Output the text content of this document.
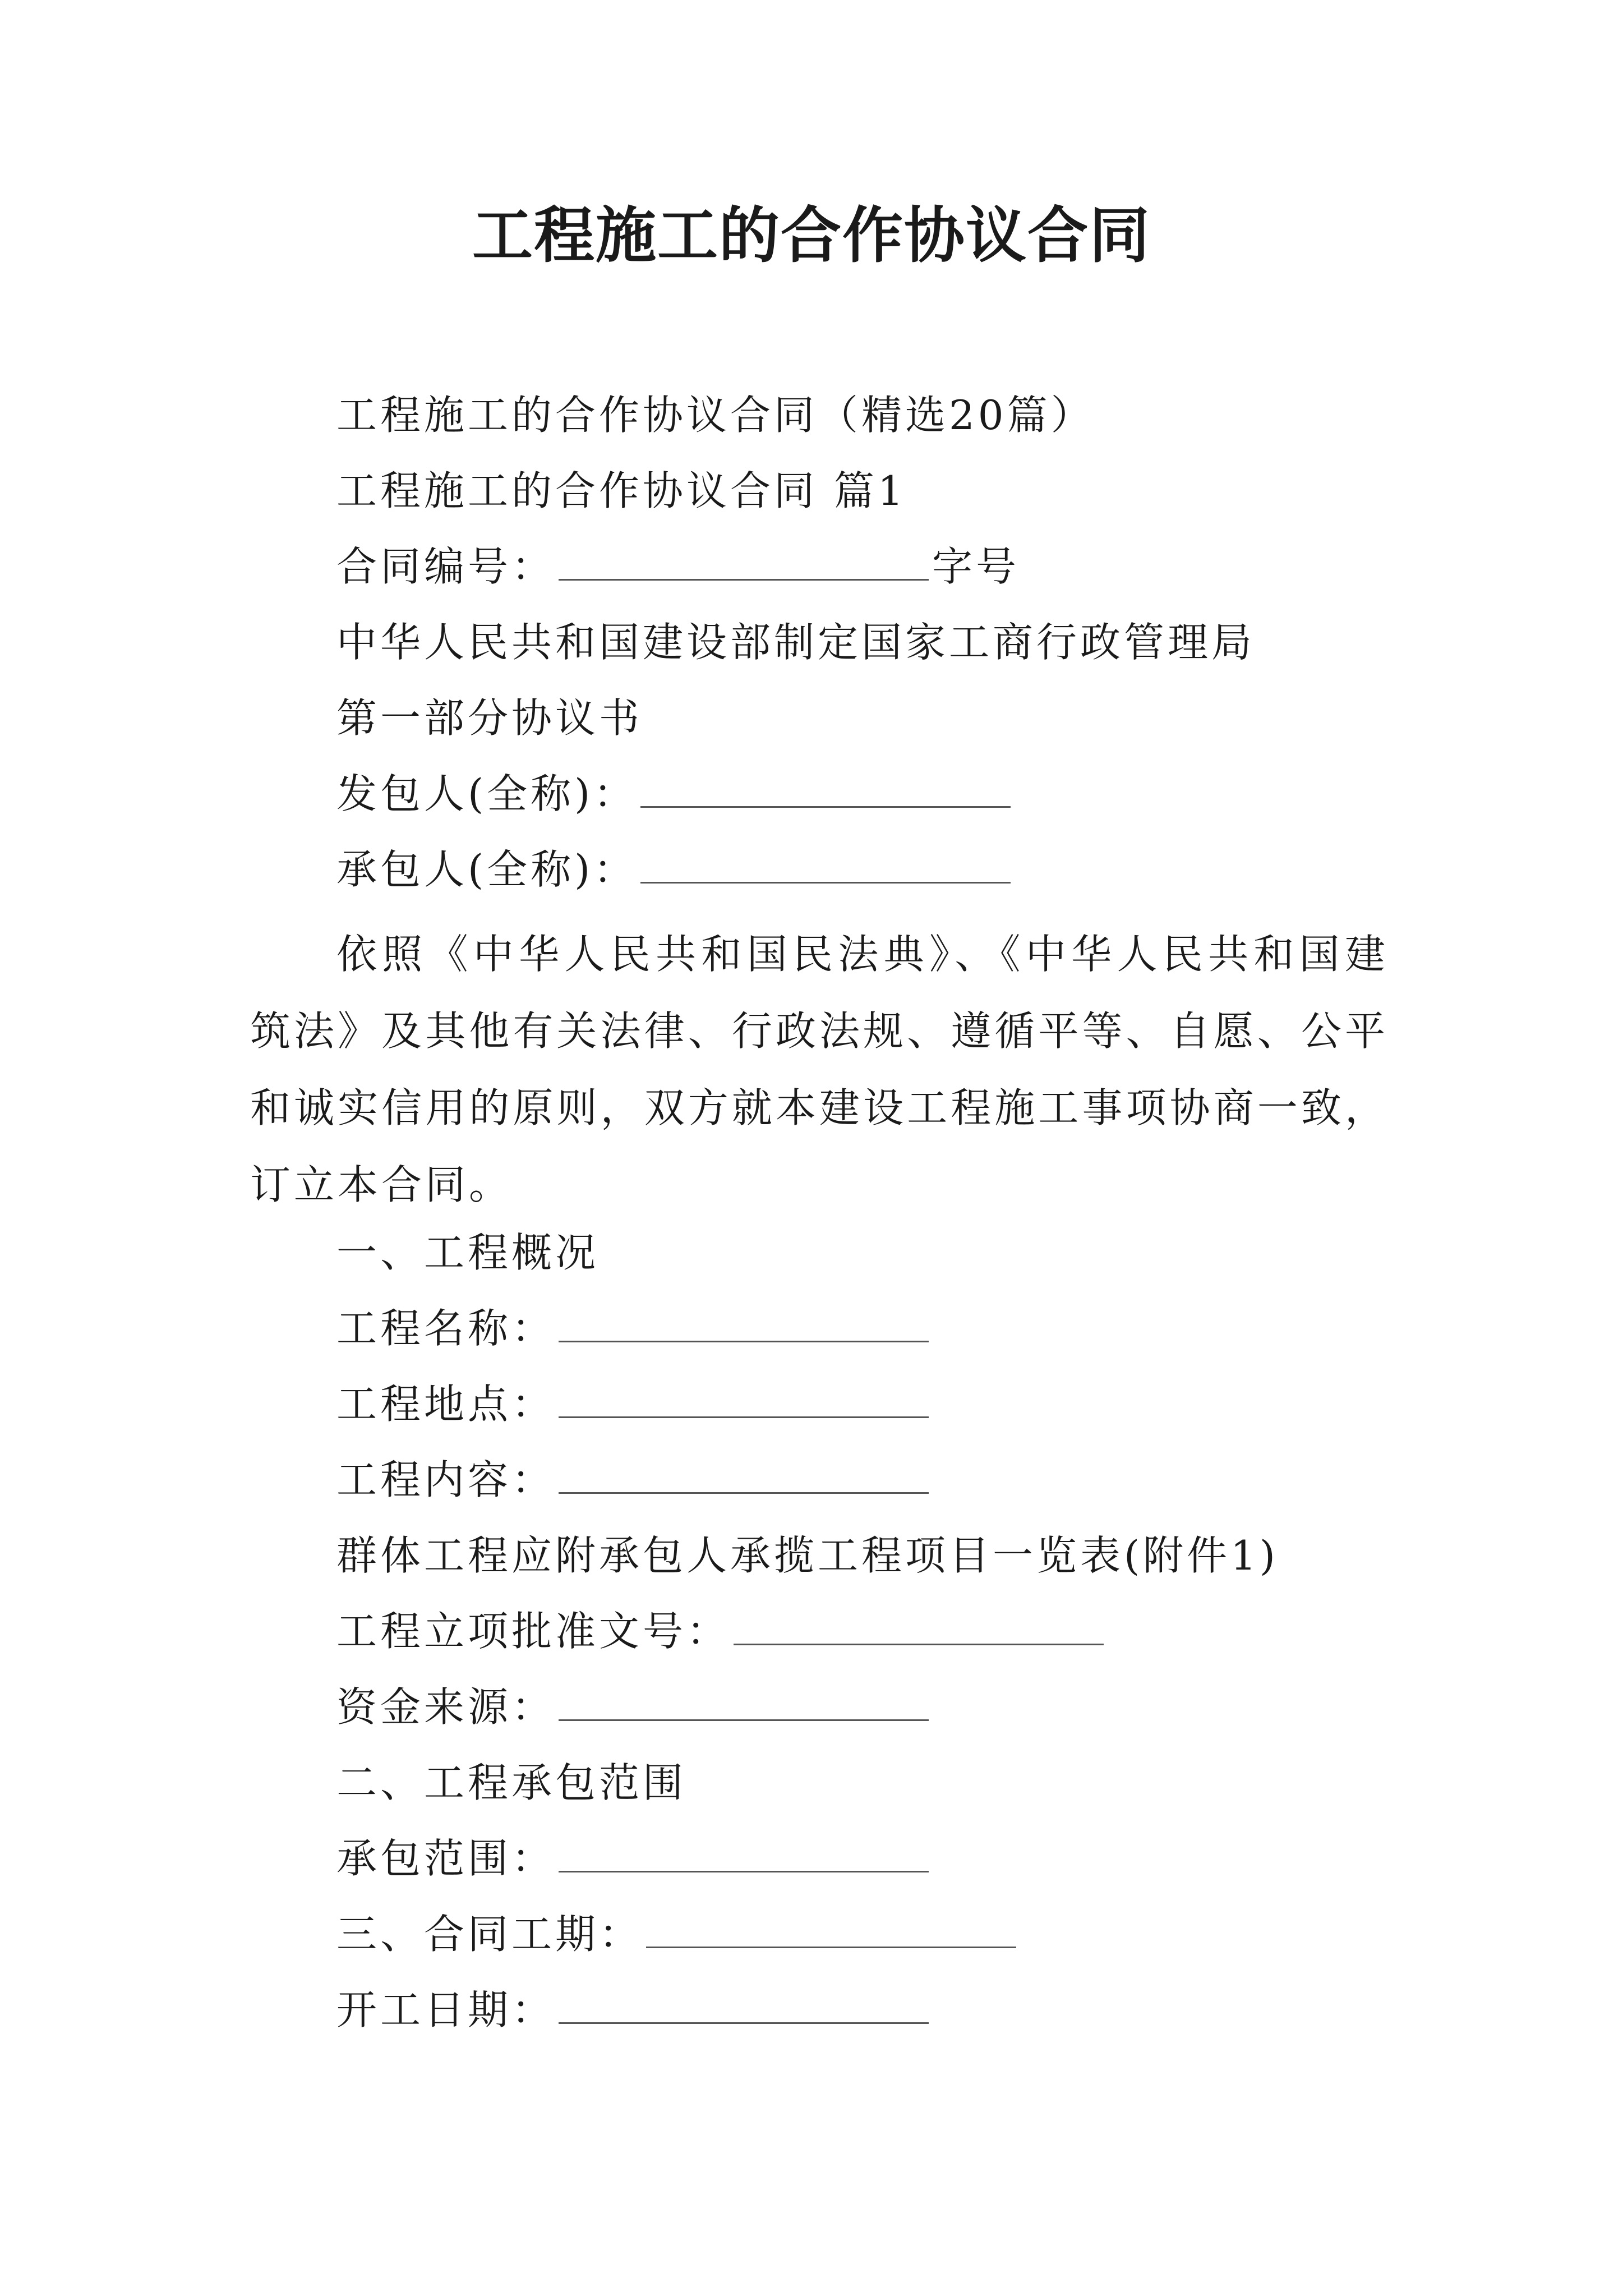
工程施工的合作协议合同
工程施工的合作协议合同（精选20篇）
工程施工的合作协议合同 篇1
合同编号：	字号
中华人民共和国建设部制定国家工商行政管理局
第一部分协议书
发包人(全称)：
承包人(全称)：
依照《中华人民共和国民法典》、《中华人民共和国建筑法》及其他有关法律、行政法规、遵循平等、自愿、公平和诚实信用的原则，双方就本建设工程施工事项协商一致，订立本合同。
一、工程概况
工程名称：
工程地点：
工程内容：
群体工程应附承包人承揽工程项目一览表(附件1)
工程立项批准文号：
资金来源：
二、工程承包范围
承包范围：
三、合同工期：
开工日期：
